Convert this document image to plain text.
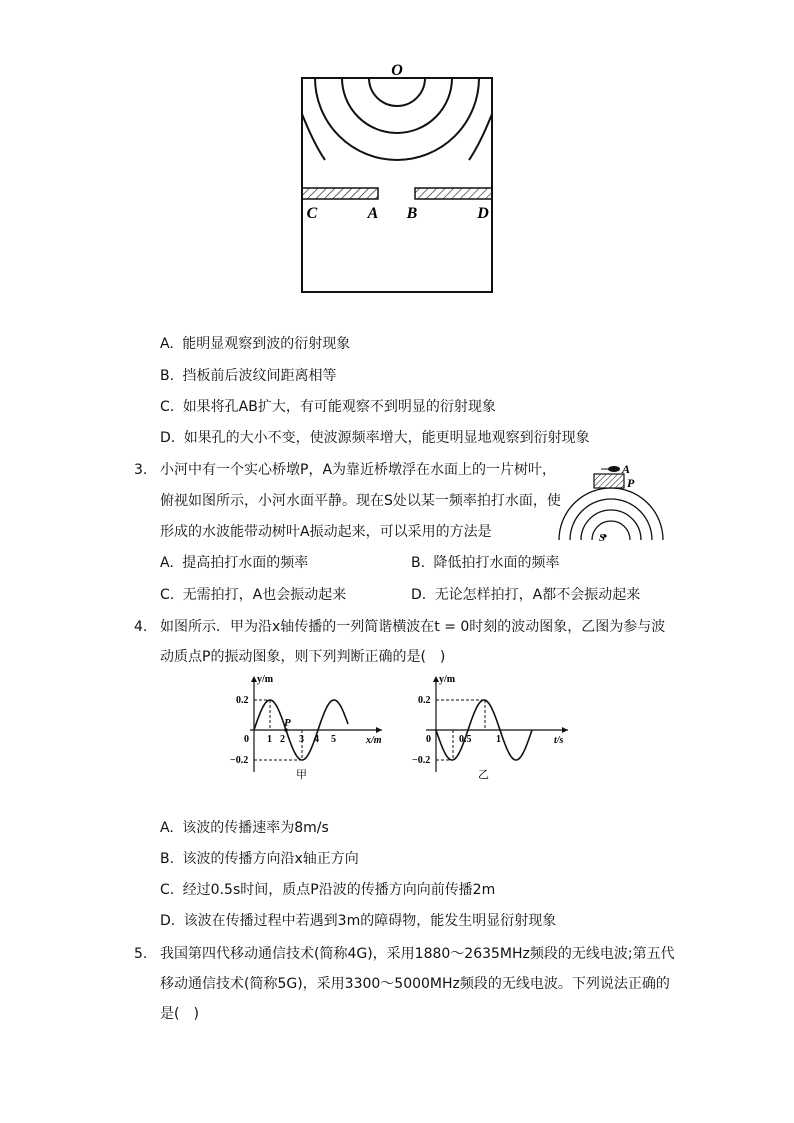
O
C	A B	D
A. 能明显观察到波的衍射现象
B. 挡板前后波纹间距离相等
C. 如果将孔AB扩大，有可能观察不到明显的衍射现象
D. 如果孔的大小不变，使波源频率增大，能更明显地观察到衍射现象
3. 小河中有一个实心桥墩P，A为靠近桥墩浮在水面上的一片树叶，
俯视如图所示，小河水面平静。现在S处以某一频率拍打水面，使
形成的水波能带动树叶A振动起来，可以采用的方法是
A
P
S
A. 提高拍打水面的频率	B. 降低拍打水面的频率
C. 无需拍打，A也会振动起来	D. 无论怎样拍打，A都不会振动起来
4. 如图所示．甲为沿x轴传播的一列简谐横波在t = 0时刻的波动图象，乙图为参与波
动质点P的振动图象，则下列判断正确的是(　)
P
y/m
x/m
0.2
−0.2
0 1 2 3 4 5
甲
y/m
t/s
0.2
−0.2
0	0.5 1
乙
A. 该波的传播速率为8m/s
B. 该波的传播方向沿x轴正方向
C. 经过0.5s时间，质点P沿波的传播方向向前传播2m
D. 该波在传播过程中若遇到3m的障碍物，能发生明显衍射现象
5. 我国第四代移动通信技术(简称4G)，采用1880～2635MHz频段的无线电波;第五代
移动通信技术(简称5G)，采用3300～5000MHz频段的无线电波。下列说法正确的
是(　)
